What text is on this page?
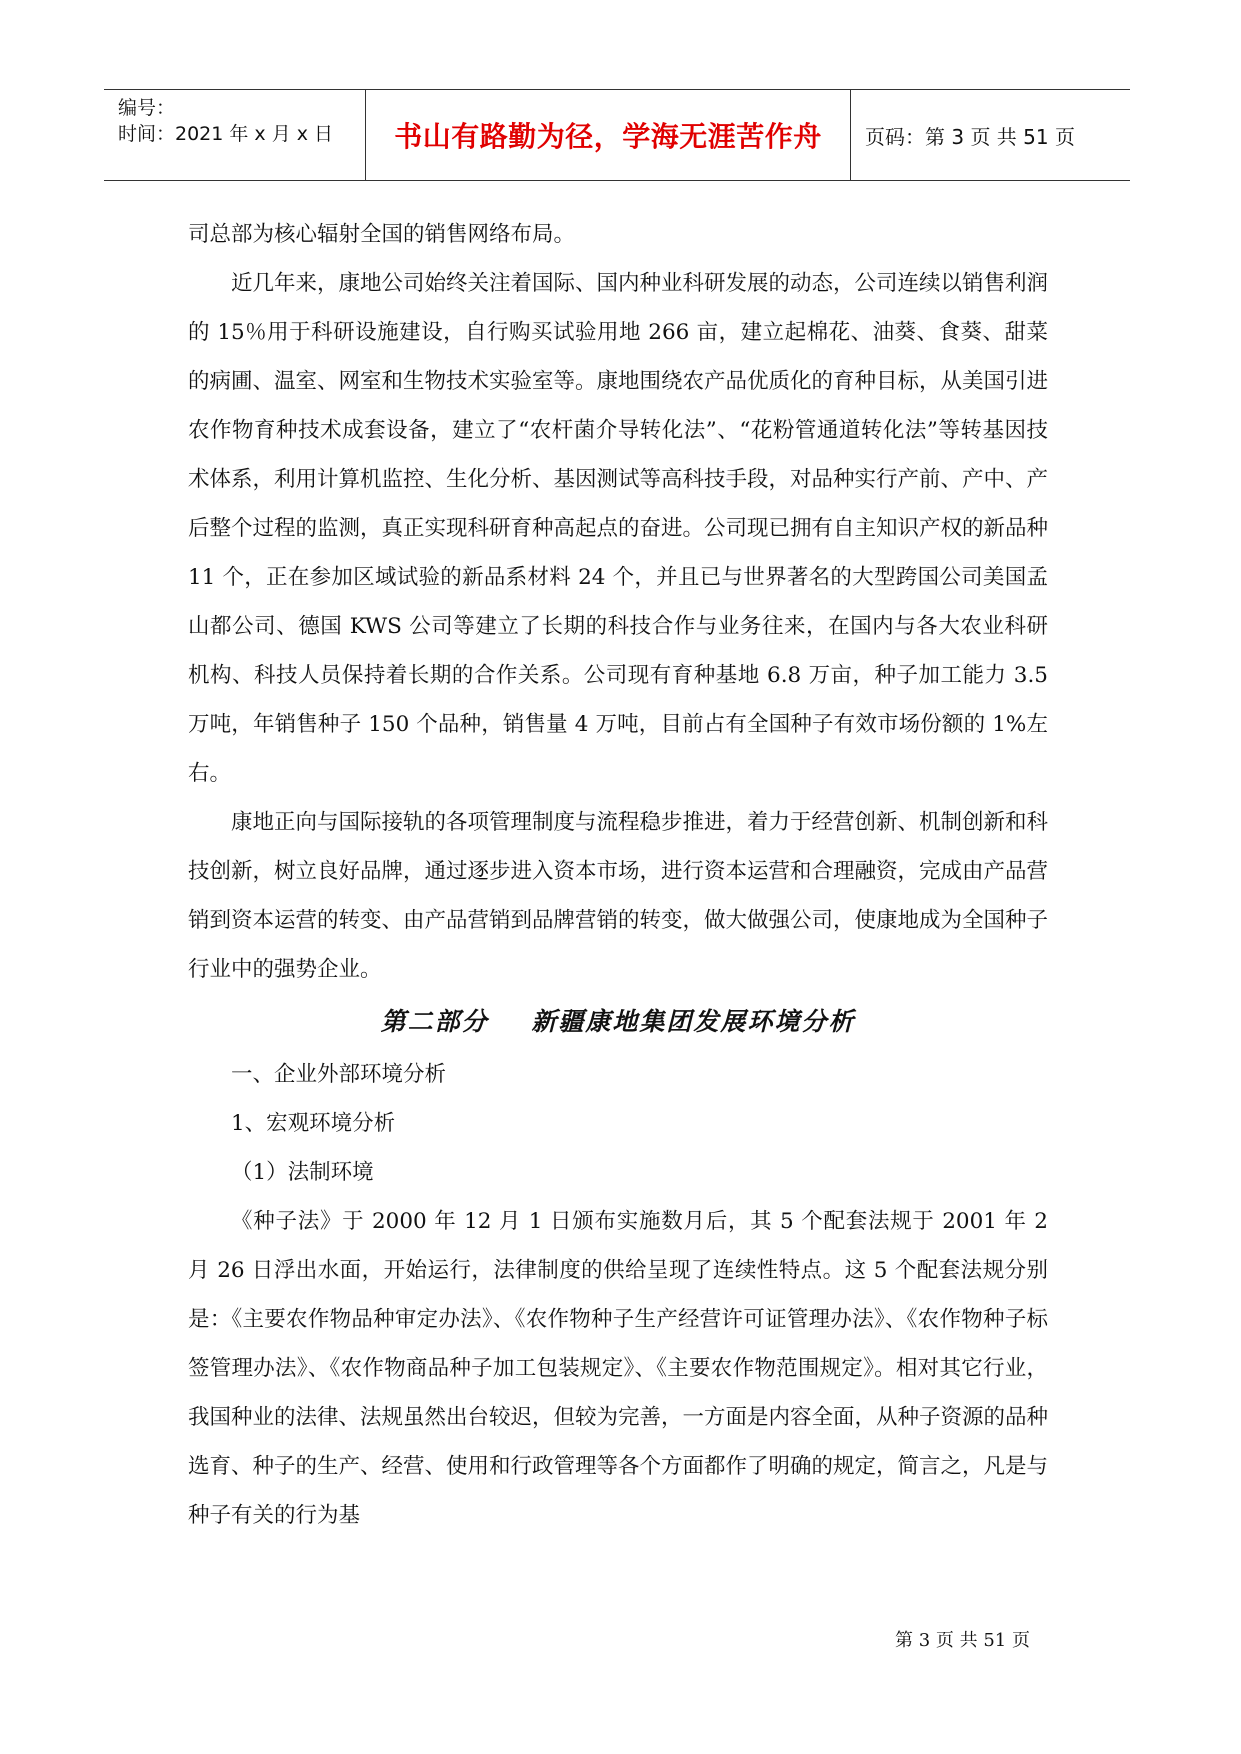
编号：
时间：2021 年 x 月 x 日 书山有路勤为径，学海无涯苦作舟 页码：第 3 页 共 51 页

司总部为核心辐射全国的销售网络布局。

近几年来，康地公司始终关注着国际、国内种业科研发展的动态，公司连续以销售利润的 15％用于科研设施建设，自行购买试验用地 266 亩，建立起棉花、油葵、食葵、甜菜的病圃、温室、网室和生物技术实验室等。康地围绕农产品优质化的育种目标，从美国引进农作物育种技术成套设备，建立了“农杆菌介导转化法”、“花粉管通道转化法”等转基因技术体系，利用计算机监控、生化分析、基因测试等高科技手段，对品种实行产前、产中、产后整个过程的监测，真正实现科研育种高起点的奋进。公司现已拥有自主知识产权的新品种 11 个，正在参加区域试验的新品系材料 24 个，并且已与世界著名的大型跨国公司美国孟山都公司、德国 KWS 公司等建立了长期的科技合作与业务往来，在国内与各大农业科研机构、科技人员保持着长期的合作关系。公司现有育种基地 6.8 万亩，种子加工能力 3.5 万吨，年销售种子 150 个品种，销售量 4 万吨，目前占有全国种子有效市场份额的 1%左右。

康地正向与国际接轨的各项管理制度与流程稳步推进，着力于经营创新、机制创新和科技创新，树立良好品牌，通过逐步进入资本市场，进行资本运营和合理融资，完成由产品营销到资本运营的转变、由产品营销到品牌营销的转变，做大做强公司，使康地成为全国种子行业中的强势企业。

第二部分    新疆康地集团发展环境分析

一、企业外部环境分析

1、宏观环境分析

（1）法制环境

《种子法》于 2000 年 12 月 1 日颁布实施数月后，其 5 个配套法规于 2001 年 2 月 26 日浮出水面，开始运行，法律制度的供给呈现了连续性特点。这 5 个配套法规分别是：《主要农作物品种审定办法》、《农作物种子生产经营许可证管理办法》、《农作物种子标签管理办法》、《农作物商品种子加工包装规定》、《主要农作物范围规定》。相对其它行业，我国种业的法律、法规虽然出台较迟，但较为完善，一方面是内容全面，从种子资源的品种选育、种子的生产、经营、使用和行政管理等各个方面都作了明确的规定，简言之，凡是与种子有关的行为基

第 3 页 共 51 页
